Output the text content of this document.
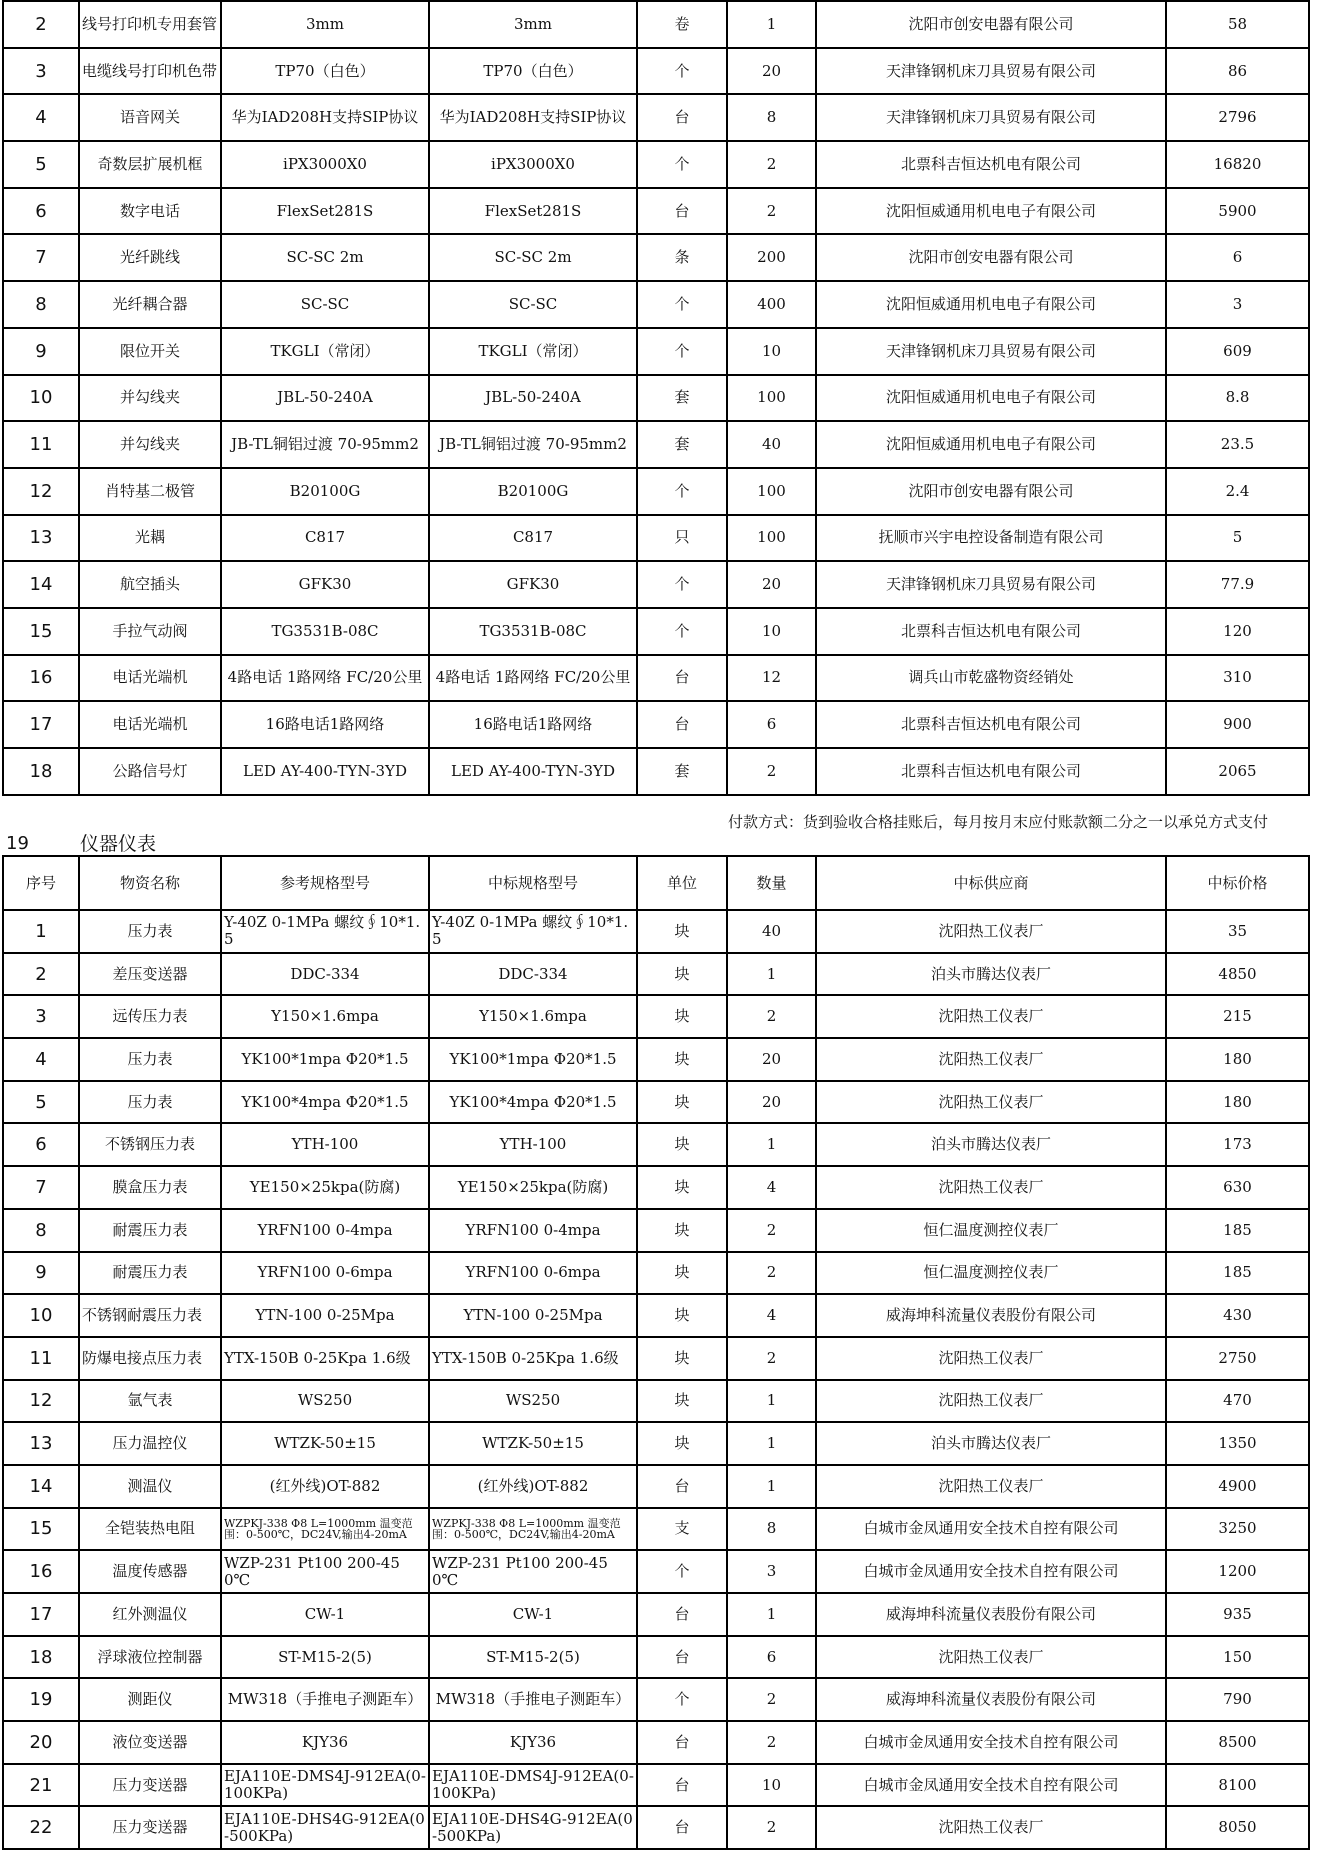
2	线号打印机专用套管	3mm	3mm	卷	1	沈阳市创安电器有限公司	58
3	电缆线号打印机色带	TP70（白色）	TP70（白色）	个	20	天津锋钢机床刀具贸易有限公司	86
4	语音网关	华为IAD208H支持SIP协议	华为IAD208H支持SIP协议	台	8	天津锋钢机床刀具贸易有限公司	2796
5	奇数层扩展机框	iPX3000X0	iPX3000X0	个	2	北票科吉恒达机电有限公司	16820
6	数字电话	FlexSet281S	FlexSet281S	台	2	沈阳恒威通用机电电子有限公司	5900
7	光纤跳线	SC-SC 2m	SC-SC 2m	条	200	沈阳市创安电器有限公司	6
8	光纤耦合器	SC-SC	SC-SC	个	400	沈阳恒威通用机电电子有限公司	3
9	限位开关	TKGLI（常闭）	TKGLI（常闭）	个	10	天津锋钢机床刀具贸易有限公司	609
10	并勾线夹	JBL-50-240A	JBL-50-240A	套	100	沈阳恒威通用机电电子有限公司	8.8
11	并勾线夹	JB-TL铜铝过渡 70-95mm2	JB-TL铜铝过渡 70-95mm2	套	40	沈阳恒威通用机电电子有限公司	23.5
12	肖特基二极管	B20100G	B20100G	个	100	沈阳市创安电器有限公司	2.4
13	光耦	C817	C817	只	100	抚顺市兴宇电控设备制造有限公司	5
14	航空插头	GFK30	GFK30	个	20	天津锋钢机床刀具贸易有限公司	77.9
15	手拉气动阀	TG3531B-08C	TG3531B-08C	个	10	北票科吉恒达机电有限公司	120
16	电话光端机	4路电话 1路网络 FC/20公里	4路电话 1路网络 FC/20公里	台	12	调兵山市乾盛物资经销处	310
17	电话光端机	16路电话1路网络	16路电话1路网络	台	6	北票科吉恒达机电有限公司	900
18	公路信号灯	LED AY-400-TYN-3YD	LED AY-400-TYN-3YD	套	2	北票科吉恒达机电有限公司	2065
19	仪器仪表
付款方式：货到验收合格挂账后，每月按月末应付账款额二分之一以承兑方式支付
序号	物资名称	参考规格型号	中标规格型号	单位	数量	中标供应商	中标价格
1	压力表	Y-40Z 0-1MPa 螺纹∮10*1.5	Y-40Z 0-1MPa 螺纹∮10*1.5	块	40	沈阳热工仪表厂	35
2	差压变送器	DDC-334	DDC-334	块	1	泊头市腾达仪表厂	4850
3	远传压力表	Y150×1.6mpa	Y150×1.6mpa	块	2	沈阳热工仪表厂	215
4	压力表	YK100*1mpa Φ20*1.5	YK100*1mpa Φ20*1.5	块	20	沈阳热工仪表厂	180
5	压力表	YK100*4mpa Φ20*1.5	YK100*4mpa Φ20*1.5	块	20	沈阳热工仪表厂	180
6	不锈钢压力表	YTH-100	YTH-100	块	1	泊头市腾达仪表厂	173
7	膜盒压力表	YE150×25kpa(防腐)	YE150×25kpa(防腐)	块	4	沈阳热工仪表厂	630
8	耐震压力表	YRFN100 0-4mpa	YRFN100 0-4mpa	块	2	恒仁温度测控仪表厂	185
9	耐震压力表	YRFN100 0-6mpa	YRFN100 0-6mpa	块	2	恒仁温度测控仪表厂	185
10	不锈钢耐震压力表	YTN-100 0-25Mpa	YTN-100 0-25Mpa	块	4	威海坤科流量仪表股份有限公司	430
11	防爆电接点压力表	YTX-150B 0-25Kpa 1.6级	YTX-150B 0-25Kpa 1.6级	块	2	沈阳热工仪表厂	2750
12	氩气表	WS250	WS250	块	1	沈阳热工仪表厂	470
13	压力温控仪	WTZK-50±15	WTZK-50±15	块	1	泊头市腾达仪表厂	1350
14	测温仪	(红外线)OT-882	(红外线)OT-882	台	1	沈阳热工仪表厂	4900
15	全铠装热电阻	WZPKJ-338 Φ8 L=1000mm 温变范围：0-500℃，DC24V,输出4-20mA	WZPKJ-338 Φ8 L=1000mm 温变范围：0-500℃，DC24V,输出4-20mA	支	8	白城市金凤通用安全技术自控有限公司	3250
16	温度传感器	WZP-231 Pt100 200-450℃	WZP-231 Pt100 200-450℃	个	3	白城市金凤通用安全技术自控有限公司	1200
17	红外测温仪	CW-1	CW-1	台	1	威海坤科流量仪表股份有限公司	935
18	浮球液位控制器	ST-M15-2(5)	ST-M15-2(5)	台	6	沈阳热工仪表厂	150
19	测距仪	MW318（手推电子测距车）	MW318（手推电子测距车）	个	2	威海坤科流量仪表股份有限公司	790
20	液位变送器	KJY36	KJY36	台	2	白城市金凤通用安全技术自控有限公司	8500
21	压力变送器	EJA110E-DMS4J-912EA(0-100KPa)	EJA110E-DMS4J-912EA(0-100KPa)	台	10	白城市金凤通用安全技术自控有限公司	8100
22	压力变送器	EJA110E-DHS4G-912EA(0-500KPa)	EJA110E-DHS4G-912EA(0-500KPa)	台	2	沈阳热工仪表厂	8050
